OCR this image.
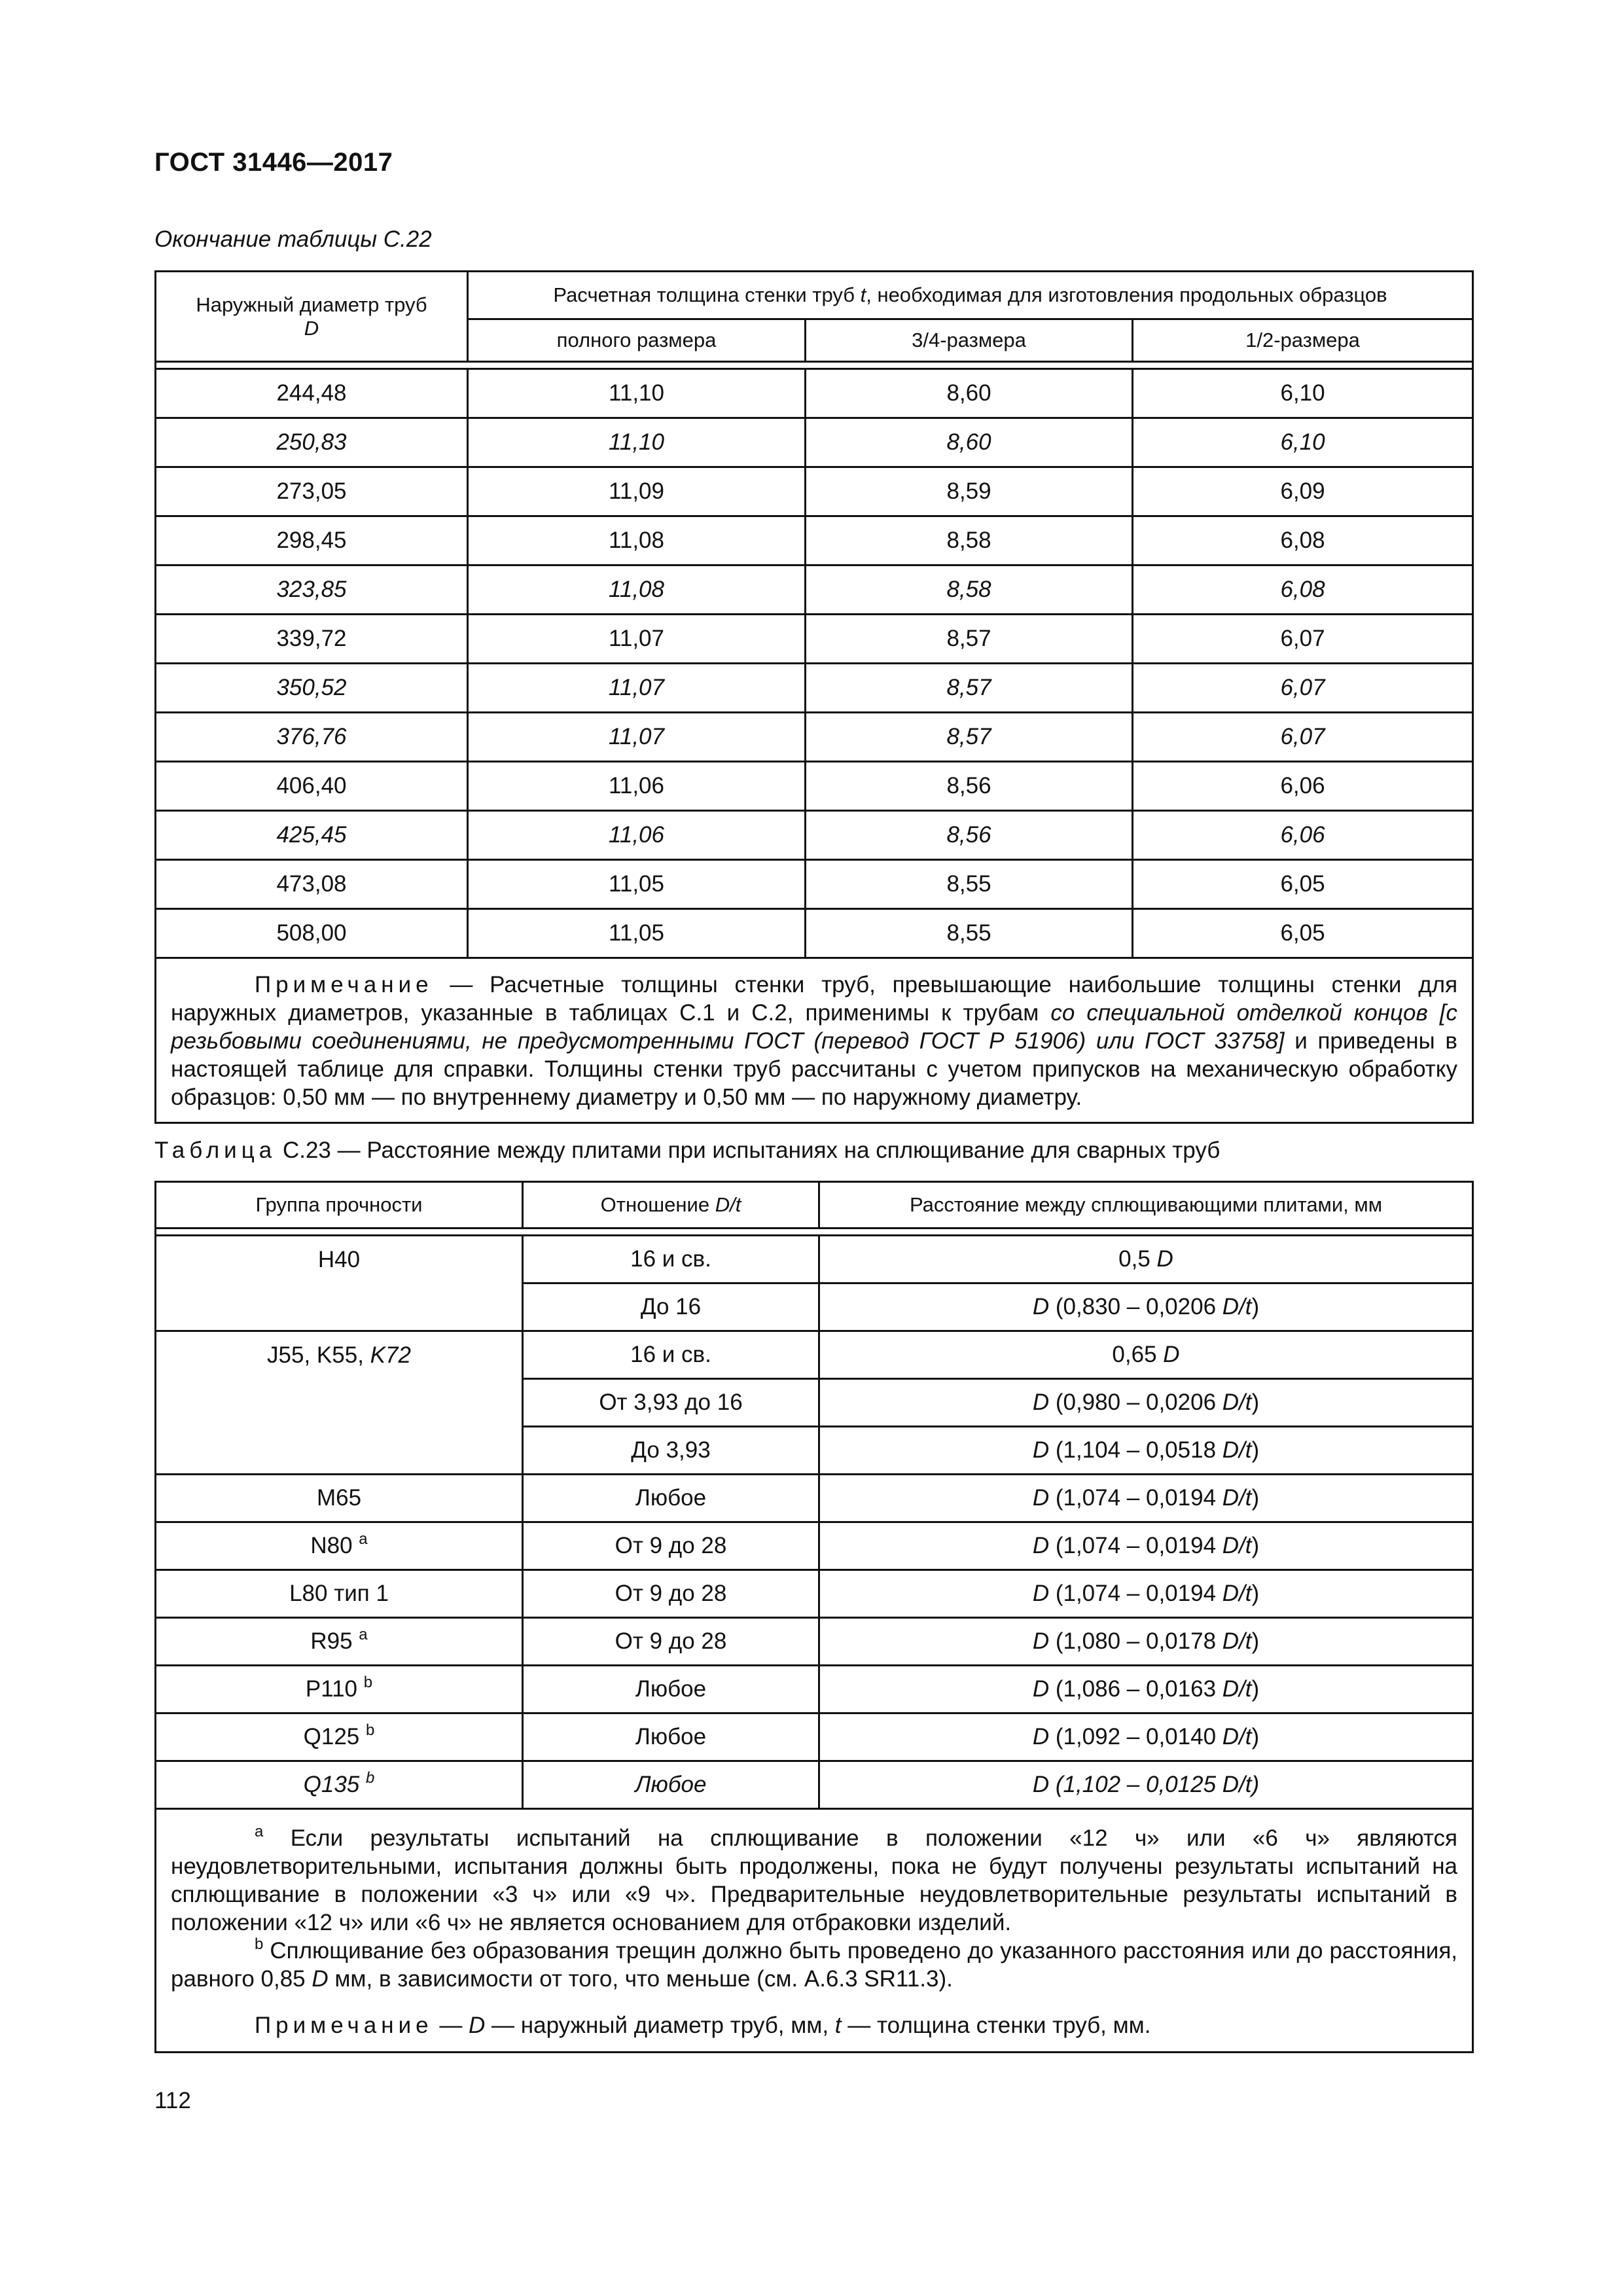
ГОСТ 31446—2017
Окончание таблицы С.22
Наружный диаметр труб
D	Расчетная толщина стенки труб t, необходимая для изготовления продольных образцов		
	полного размера	3/4-размера	1/2-размера

244,48	11,10	8,60	6,10
250,83	11,10	8,60	6,10
273,05	11,09	8,59	6,09
298,45	11,08	8,58	6,08
323,85	11,08	8,58	6,08
339,72	11,07	8,57	6,07
350,52	11,07	8,57	6,07
376,76	11,07	8,57	6,07
406,40	11,06	8,56	6,06
425,45	11,06	8,56	6,06
473,08	11,05	8,55	6,05
508,00	11,05	8,55	6,05

Примечание — Расчетные толщины стенки труб, превышающие наибольшие толщины стенки для наружных диаметров, указанные в таблицах С.1 и С.2, применимы к трубам со специальной отделкой концов [с резьбовыми соединениями, не предусмотренными ГОСТ (перевод ГОСТ Р 51906) или ГОСТ 33758] и приведены в настоящей таблице для справки. Толщины стенки труб рассчитаны с учетом припусков на механическую обработку образцов: 0,50 мм — по внутреннему диаметру и 0,50 мм — по наружному диаметру.			
Таблица С.23 — Расстояние между плитами при испытаниях на сплющивание для сварных труб
Группа прочности	Отношение D/t	Расстояние между сплющивающими плитами, мм

Н40	16 и св.	0,5 D
	До 16	D (0,830 – 0,0206 D/t)
J55, K55, K72	16 и св.	0,65 D
	От 3,93 до 16	D (0,980 – 0,0206 D/t)
	До 3,93	D (1,104 – 0,0518 D/t)
М65	Любое	D (1,074 – 0,0194 D/t)
N80 $^a$	От 9 до 28	D (1,074 – 0,0194 D/t)
L80 тип 1	От 9 до 28	D (1,074 – 0,0194 D/t)
R95 $^a$	От 9 до 28	D (1,080 – 0,0178 D/t)
P110 $^b$	Любое	D (1,086 – 0,0163 D/t)
Q125 $^b$	Любое	D (1,092 – 0,0140 D/t)
Q135 $^b$	Любое	D (1,102 – 0,0125 D/t)

$^a$ Если результаты испытаний на сплющивание в положении «12 ч» или «6 ч» являются неудовлетворительными, испытания должны быть продолжены, пока не будут получены результаты испытаний на сплющивание в положении «3 ч» или «9 ч». Предварительные неудовлетворительные результаты испытаний в положении «12 ч» или «6 ч» не является основанием для отбраковки изделий.

$^b$ Сплющивание без образования трещин должно быть проведено до указанного расстояния или до расстояния, равного 0,85 D мм, в зависимости от того, что меньше (см. А.6.3 SR11.3).

Примечание — D — наружный диаметр труб, мм, t — толщина стенки труб, мм.		

112
